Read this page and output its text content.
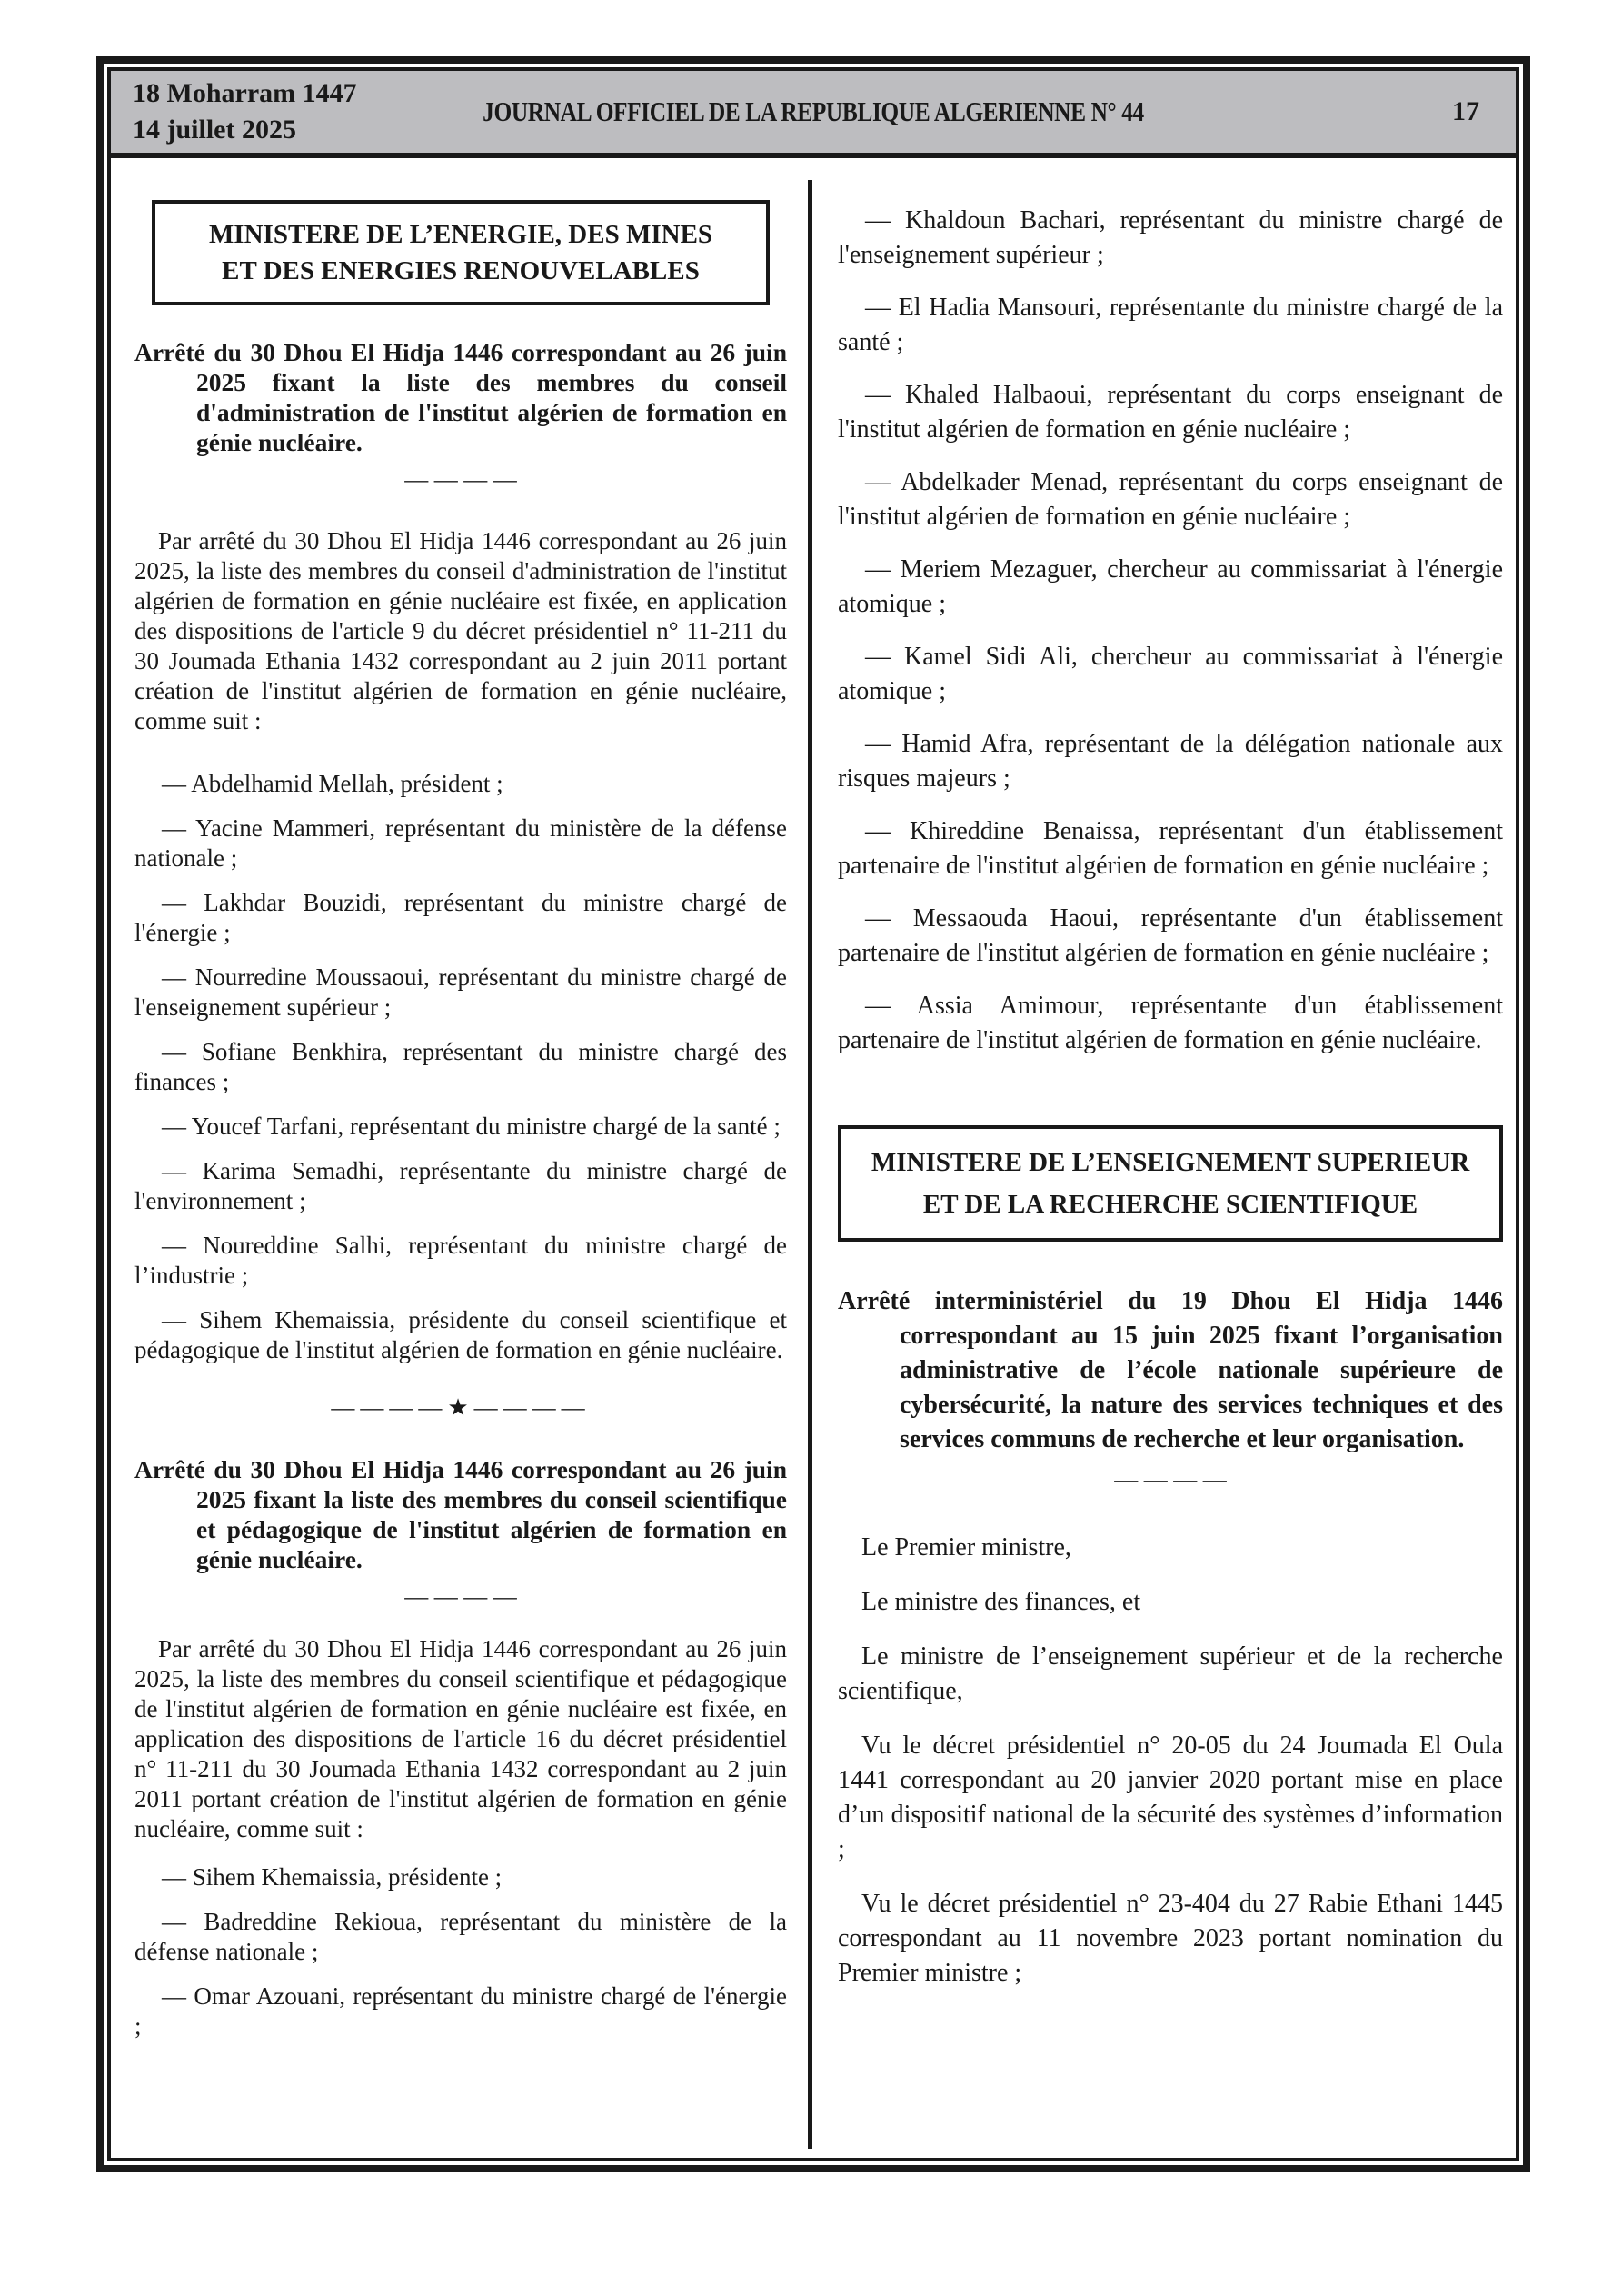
18 Moharram 1447
14 juillet 2025
JOURNAL OFFICIEL DE LA REPUBLIQUE ALGERIENNE N° 44	17
MINISTERE DE L’ENERGIE, DES MINES
ET DES ENERGIES RENOUVELABLES
Arrêté du 30 Dhou El Hidja 1446 correspondant au 26 juin 2025 fixant la liste des membres du conseil d'administration de l'institut algérien de formation en génie nucléaire.
— — — —

Par arrêté du 30 Dhou El Hidja 1446 correspondant au 26 juin 2025, la liste des membres du conseil d'administration de l'institut algérien de formation en génie nucléaire est fixée, en application des dispositions de l'article 9 du décret présidentiel n° 11-211 du 30 Joumada Ethania 1432 correspondant au 2 juin 2011 portant création de l'institut algérien de formation en génie nucléaire, comme suit :

— Abdelhamid Mellah, président ;

— Yacine Mammeri, représentant du ministère de la défense nationale ;

— Lakhdar Bouzidi, représentant du ministre chargé de l'énergie ;

— Nourredine Moussaoui, représentant du ministre chargé de l'enseignement supérieur ;

— Sofiane Benkhira, représentant du ministre chargé des finances ;

— Youcef Tarfani, représentant du ministre chargé de la santé ;

— Karima Semadhi, représentante du ministre chargé de l'environnement ;

— Noureddine Salhi, représentant du ministre chargé de l’industrie ;

— Sihem Khemaissia, présidente du conseil scientifique et pédagogique de l'institut algérien de formation en génie nucléaire.

————★————
Arrêté du 30 Dhou El Hidja 1446 correspondant au 26 juin 2025 fixant la liste des membres du conseil scientifique et pédagogique de l'institut algérien de formation en génie nucléaire.
— — — —

Par arrêté du 30 Dhou El Hidja 1446 correspondant au 26 juin 2025, la liste des membres du conseil scientifique et pédagogique de l'institut algérien de formation en génie nucléaire est fixée, en application des dispositions de l'article 16 du décret présidentiel n° 11-211 du 30 Joumada Ethania 1432 correspondant au 2 juin 2011 portant création de l'institut algérien de formation en génie nucléaire, comme suit :

— Sihem Khemaissia, présidente ;

— Badreddine Rekioua, représentant du ministère de la défense nationale ;

— Omar Azouani, représentant du ministre chargé de l'énergie ;

— Khaldoun Bachari, représentant du ministre chargé de l'enseignement supérieur ;

— El Hadia Mansouri, représentante du ministre chargé de la santé ;

— Khaled Halbaoui, représentant du corps enseignant de l'institut algérien de formation en génie nucléaire ;

— Abdelkader Menad, représentant du corps enseignant de l'institut algérien de formation en génie nucléaire ;

— Meriem Mezaguer, chercheur au commissariat à l'énergie atomique ;

— Kamel Sidi Ali, chercheur au commissariat à l'énergie atomique ;

— Hamid Afra, représentant de la délégation nationale aux risques majeurs ;

— Khireddine Benaissa, représentant d'un établissement partenaire de l'institut algérien de formation en génie nucléaire ;

— Messaouda Haoui, représentante d'un établissement partenaire de l'institut algérien de formation en génie nucléaire ;

— Assia Amimour, représentante d'un établissement partenaire de l'institut algérien de formation en génie nucléaire.

MINISTERE DE L’ENSEIGNEMENT SUPERIEUR
ET DE LA RECHERCHE SCIENTIFIQUE
Arrêté interministériel du 19 Dhou El Hidja 1446 correspondant au 15 juin 2025 fixant l’organisation administrative de l’école nationale supérieure de cybersécurité, la nature des services techniques et des services communs de recherche et leur organisation.
— — — —

Le Premier ministre,

Le ministre des finances, et

Le ministre de l’enseignement supérieur et de la recherche scientifique,

Vu le décret présidentiel n° 20-05 du 24 Joumada El Oula 1441 correspondant au 20 janvier 2020 portant mise en place d’un dispositif national de la sécurité des systèmes d’information ;

Vu le décret présidentiel n° 23-404 du 27 Rabie Ethani 1445 correspondant au 11 novembre 2023 portant nomination du Premier ministre ;
